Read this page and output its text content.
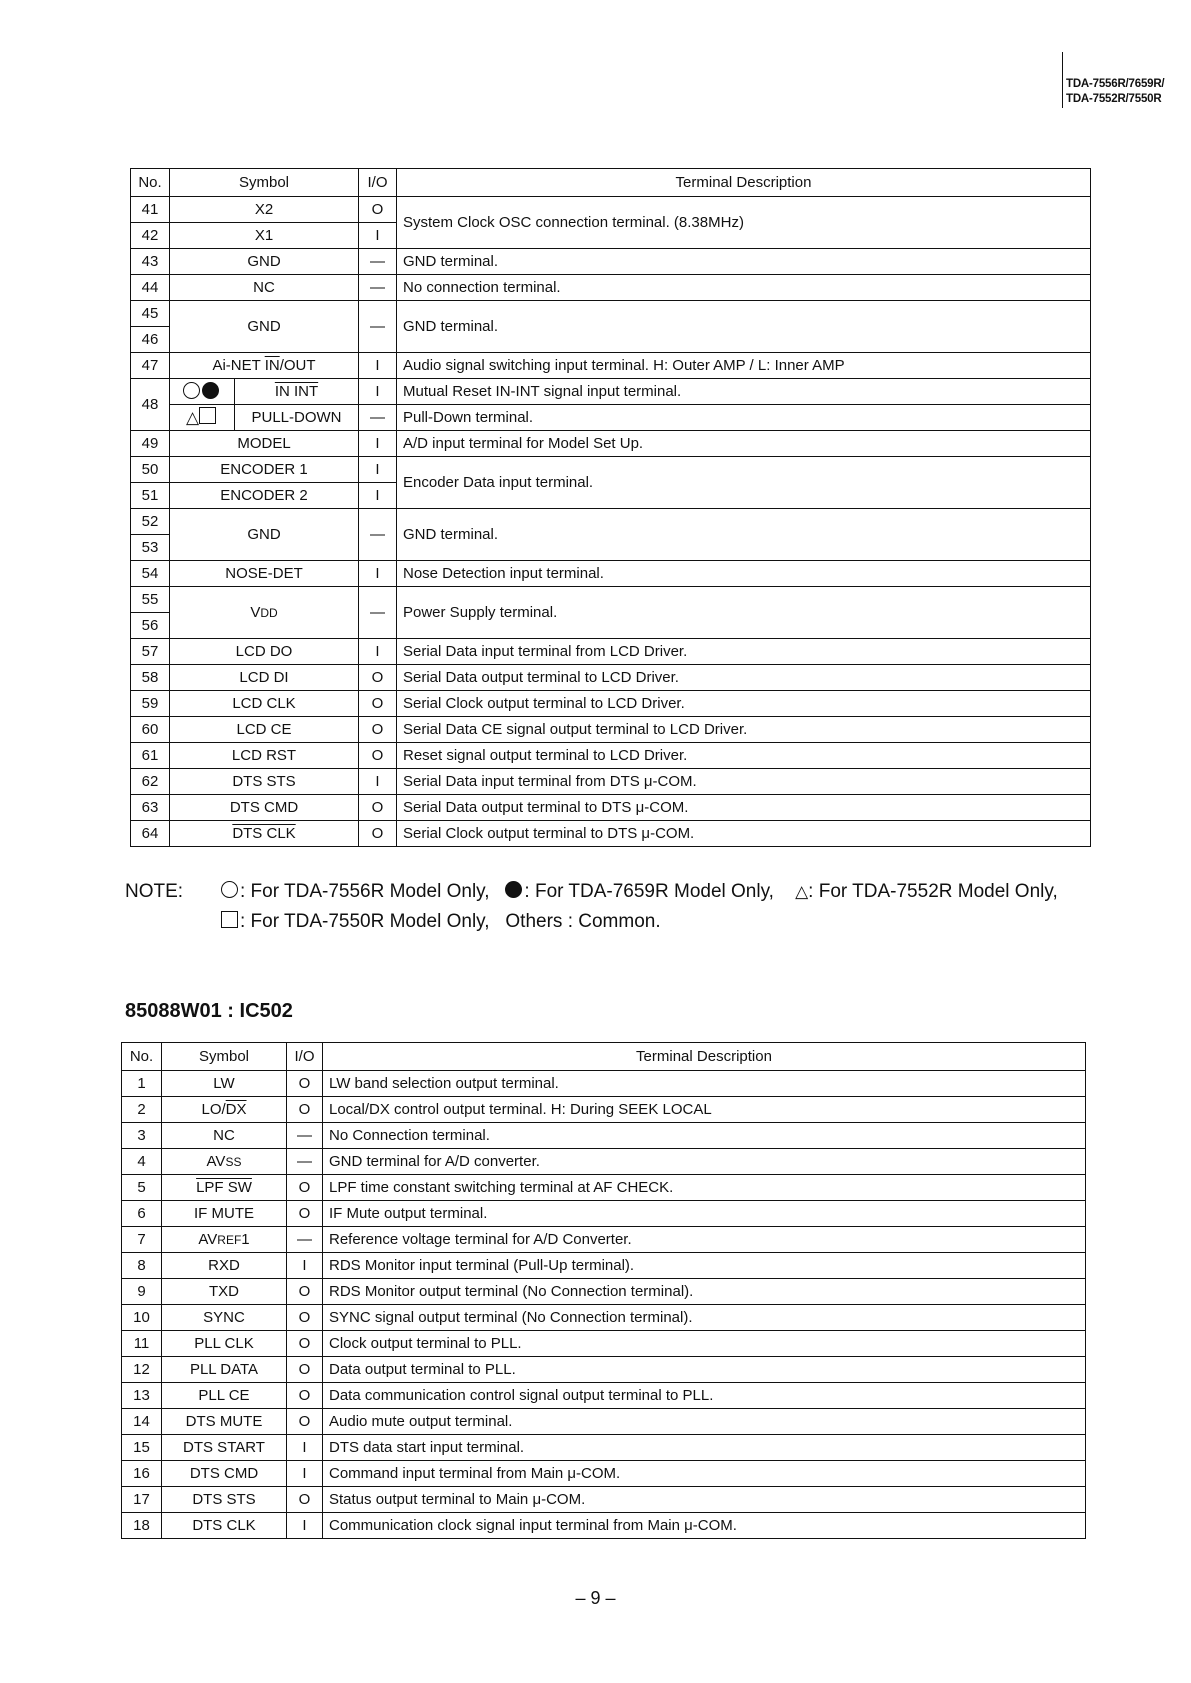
TDA-7556R/7659R/
TDA-7552R/7550R
No.	Symbol		I/O	Terminal Description
41	X2		O	System Clock OSC connection terminal. (8.38MHz)
42	X1		I	
43	GND		—	GND terminal.
44	NC		—	No connection terminal.
45	GND		—	GND terminal.
46				
47	Ai-NET $\overline{IN}$/OUT		I	Audio signal switching input terminal. H: Outer AMP / L: Inner AMP
48		IN INT	I	Mutual Reset IN-INT signal input terminal.
	△	PULL-DOWN	—	Pull-Down terminal.
49	MODEL		I	A/D input terminal for Model Set Up.
50	ENCODER 1		I	Encoder Data input terminal.
51	ENCODER 2		I	
52	GND		—	GND terminal.
53				
54	NOSE-DET		I	Nose Detection input terminal.
55	VDD		—	Power Supply terminal.
56				
57	LCD DO		I	Serial Data input terminal from LCD Driver.
58	LCD DI		O	Serial Data output terminal to LCD Driver.
59	LCD CLK		O	Serial Clock output terminal to LCD Driver.
60	LCD CE		O	Serial Data CE signal output terminal to LCD Driver.
61	LCD RST		O	Reset signal output terminal to LCD Driver.
62	DTS STS		I	Serial Data input terminal from DTS μ-COM.
63	DTS CMD		O	Serial Data output terminal to DTS μ-COM.
64	DTS CLK		O	Serial Clock output terminal to DTS μ-COM.
NOTE:	: For TDA-7556R Model Only, : For TDA-7659R Model Only, △: For TDA-7552R Model Only,
: For TDA-7550R Model Only, Others : Common.
85088W01 : IC502
No.	Symbol	I/O	Terminal Description
1	LW	O	LW band selection output terminal.
2	$LO/\overline{DX}$	O	Local/DX control output terminal. H: During SEEK LOCAL
3	NC	—	No Connection terminal.
4	AVSS	—	GND terminal for A/D converter.
5	LPF SW	O	LPF time constant switching terminal at AF CHECK.
6	IF MUTE	O	IF Mute output terminal.
7	AVREF1	—	Reference voltage terminal for A/D Converter.
8	RXD	I	RDS Monitor input terminal (Pull-Up terminal).
9	TXD	O	RDS Monitor output terminal (No Connection terminal).
10	SYNC	O	SYNC signal output terminal (No Connection terminal).
11	PLL CLK	O	Clock output terminal to PLL.
12	PLL DATA	O	Data output terminal to PLL.
13	PLL CE	O	Data communication control signal output terminal to PLL.
14	DTS MUTE	O	Audio mute output terminal.
15	DTS START	I	DTS data start input terminal.
16	DTS CMD	I	Command input terminal from Main μ-COM.
17	DTS STS	O	Status output terminal to Main μ-COM.
18	DTS CLK	I	Communication clock signal input terminal from Main μ-COM.
– 9 –
